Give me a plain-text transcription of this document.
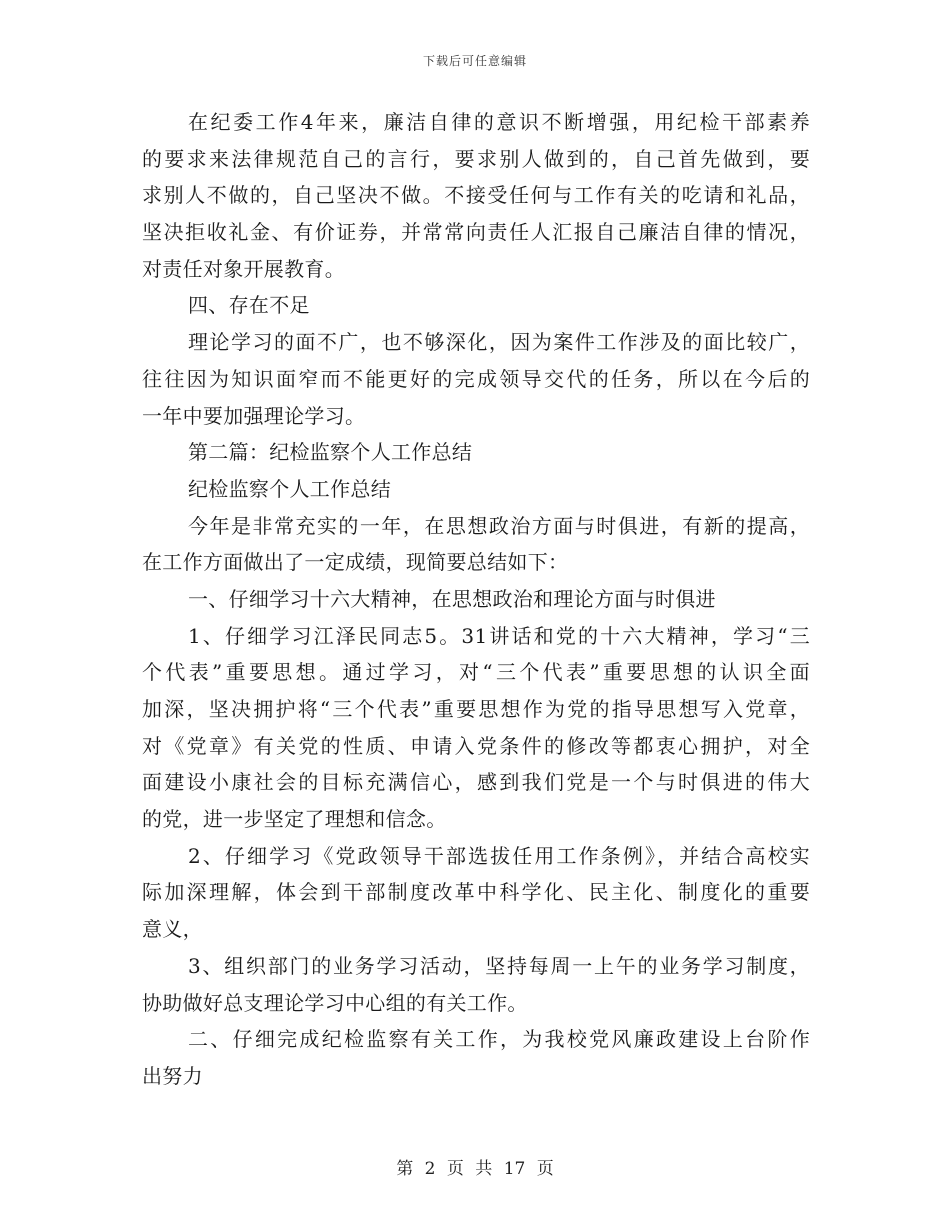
下载后可任意编辑
在纪委工作4年来，廉洁自律的意识不断增强，用纪检干部素养
的要求来法律规范自己的言行，要求别人做到的，自己首先做到，要
求别人不做的，自己坚决不做。不接受任何与工作有关的吃请和礼品，
坚决拒收礼金、有价证券，并常常向责任人汇报自己廉洁自律的情况，
对责任对象开展教育。
四、存在不足
理论学习的面不广，也不够深化，因为案件工作涉及的面比较广，
往往因为知识面窄而不能更好的完成领导交代的任务，所以在今后的
一年中要加强理论学习。
第二篇：纪检监察个人工作总结
纪检监察个人工作总结
今年是非常充实的一年，在思想政治方面与时俱进，有新的提高，
在工作方面做出了一定成绩，现简要总结如下：
一、仔细学习十六大精神，在思想政治和理论方面与时俱进
1、仔细学习江泽民同志5。31讲话和党的十六大精神，学习“三
个代表”重要思想。通过学习，对“三个代表”重要思想的认识全面
加深，坚决拥护将“三个代表”重要思想作为党的指导思想写入党章，
对《党章》有关党的性质、申请入党条件的修改等都衷心拥护，对全
面建设小康社会的目标充满信心，感到我们党是一个与时俱进的伟大
的党，进一步坚定了理想和信念。
2、仔细学习《党政领导干部选拔任用工作条例》，并结合高校实
际加深理解，体会到干部制度改革中科学化、民主化、制度化的重要
意义，
3、组织部门的业务学习活动，坚持每周一上午的业务学习制度，
协助做好总支理论学习中心组的有关工作。
二、仔细完成纪检监察有关工作，为我校党风廉政建设上台阶作
出努力
第 2 页 共 17 页
